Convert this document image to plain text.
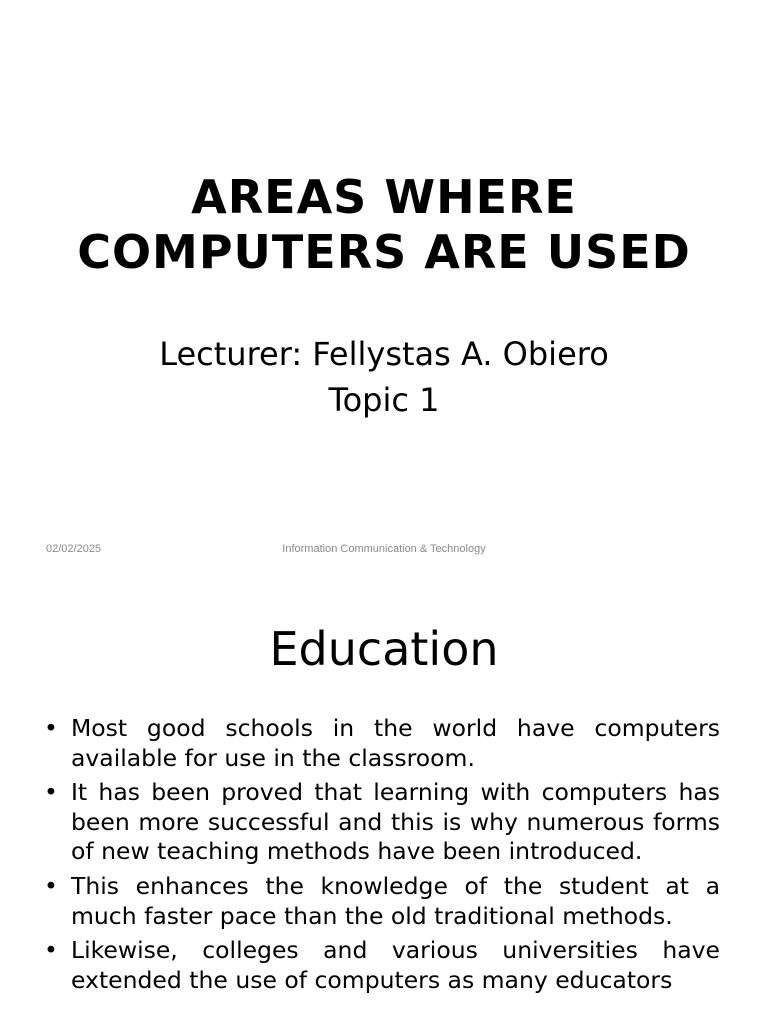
AREAS WHERE
COMPUTERS ARE USED
Lecturer: Fellystas A. Obiero
Topic 1
02/02/2025	Information Communication & Technology
Education
• Most good schools in the world have computers available for use in the classroom.
• It has been proved that learning with computers has been more successful and this is why numerous forms of new teaching methods have been introduced.
• This enhances the knowledge of the student at a much faster pace than the old traditional methods.
• Likewise, colleges and various universities have extended the use of computers as many educators
